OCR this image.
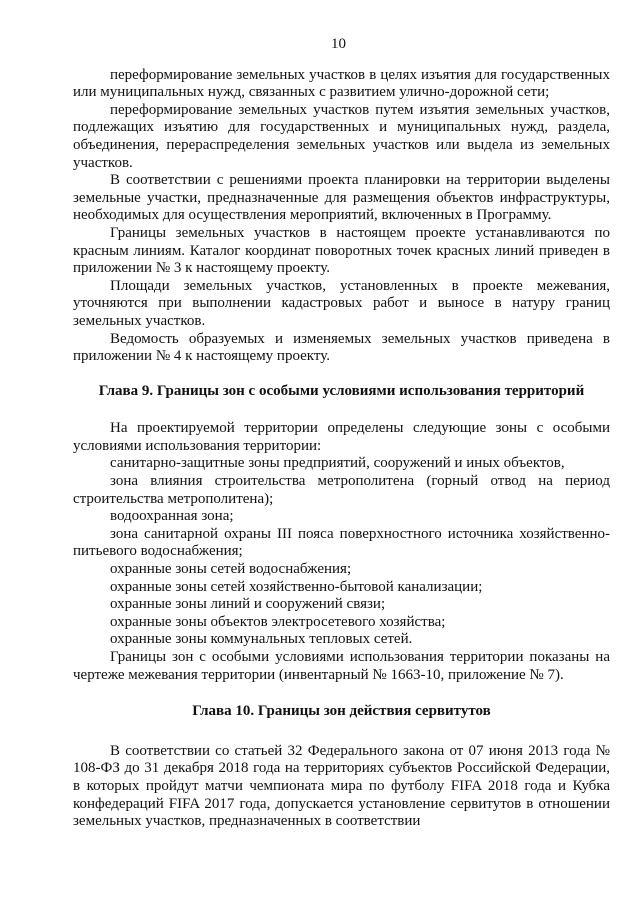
10

переформирование земельных участков в целях изъятия для государственных или муниципальных нужд, связанных с развитием улично-дорожной сети;

переформирование земельных участков путем изъятия земельных участков, подлежащих изъятию для государственных и муниципальных нужд, раздела, объединения, перераспределения земельных участков или выдела из земельных участков.

В соответствии с решениями проекта планировки на территории выделены земельные участки, предназначенные для размещения объектов инфраструктуры, необходимых для осуществления мероприятий, включенных в Программу.

Границы земельных участков в настоящем проекте устанавливаются по красным линиям. Каталог координат поворотных точек красных линий приведен в приложении № 3 к настоящему проекту.

Площади земельных участков, установленных в проекте межевания, уточняются при выполнении кадастровых работ и выносе в натуру границ земельных участков.

Ведомость образуемых и изменяемых земельных участков приведена в приложении № 4 к настоящему проекту.

Глава 9. Границы зон с особыми условиями использования территорий

На проектируемой территории определены следующие зоны с особыми условиями использования территории:

санитарно-защитные зоны предприятий, сооружений и иных объектов,

зона влияния строительства метрополитена (горный отвод на период строительства метрополитена);

водоохранная зона;

зона санитарной охраны III пояса поверхностного источника хозяйственно-питьевого водоснабжения;

охранные зоны сетей водоснабжения;

охранные зоны сетей хозяйственно-бытовой канализации;

охранные зоны линий и сооружений связи;

охранные зоны объектов электросетевого хозяйства;

охранные зоны коммунальных тепловых сетей.

Границы зон с особыми условиями использования территории показаны на чертеже межевания территории (инвентарный № 1663-10, приложение № 7).

Глава 10. Границы зон действия сервитутов

В соответствии со статьей 32 Федерального закона от 07 июня 2013 года № 108-ФЗ до 31 декабря 2018 года на территориях субъектов Российской Федерации, в которых пройдут матчи чемпионата мира по футболу FIFA 2018 года и Кубка конфедераций FIFA 2017 года, допускается установление сервитутов в отношении земельных участков, предназначенных в соответствии
